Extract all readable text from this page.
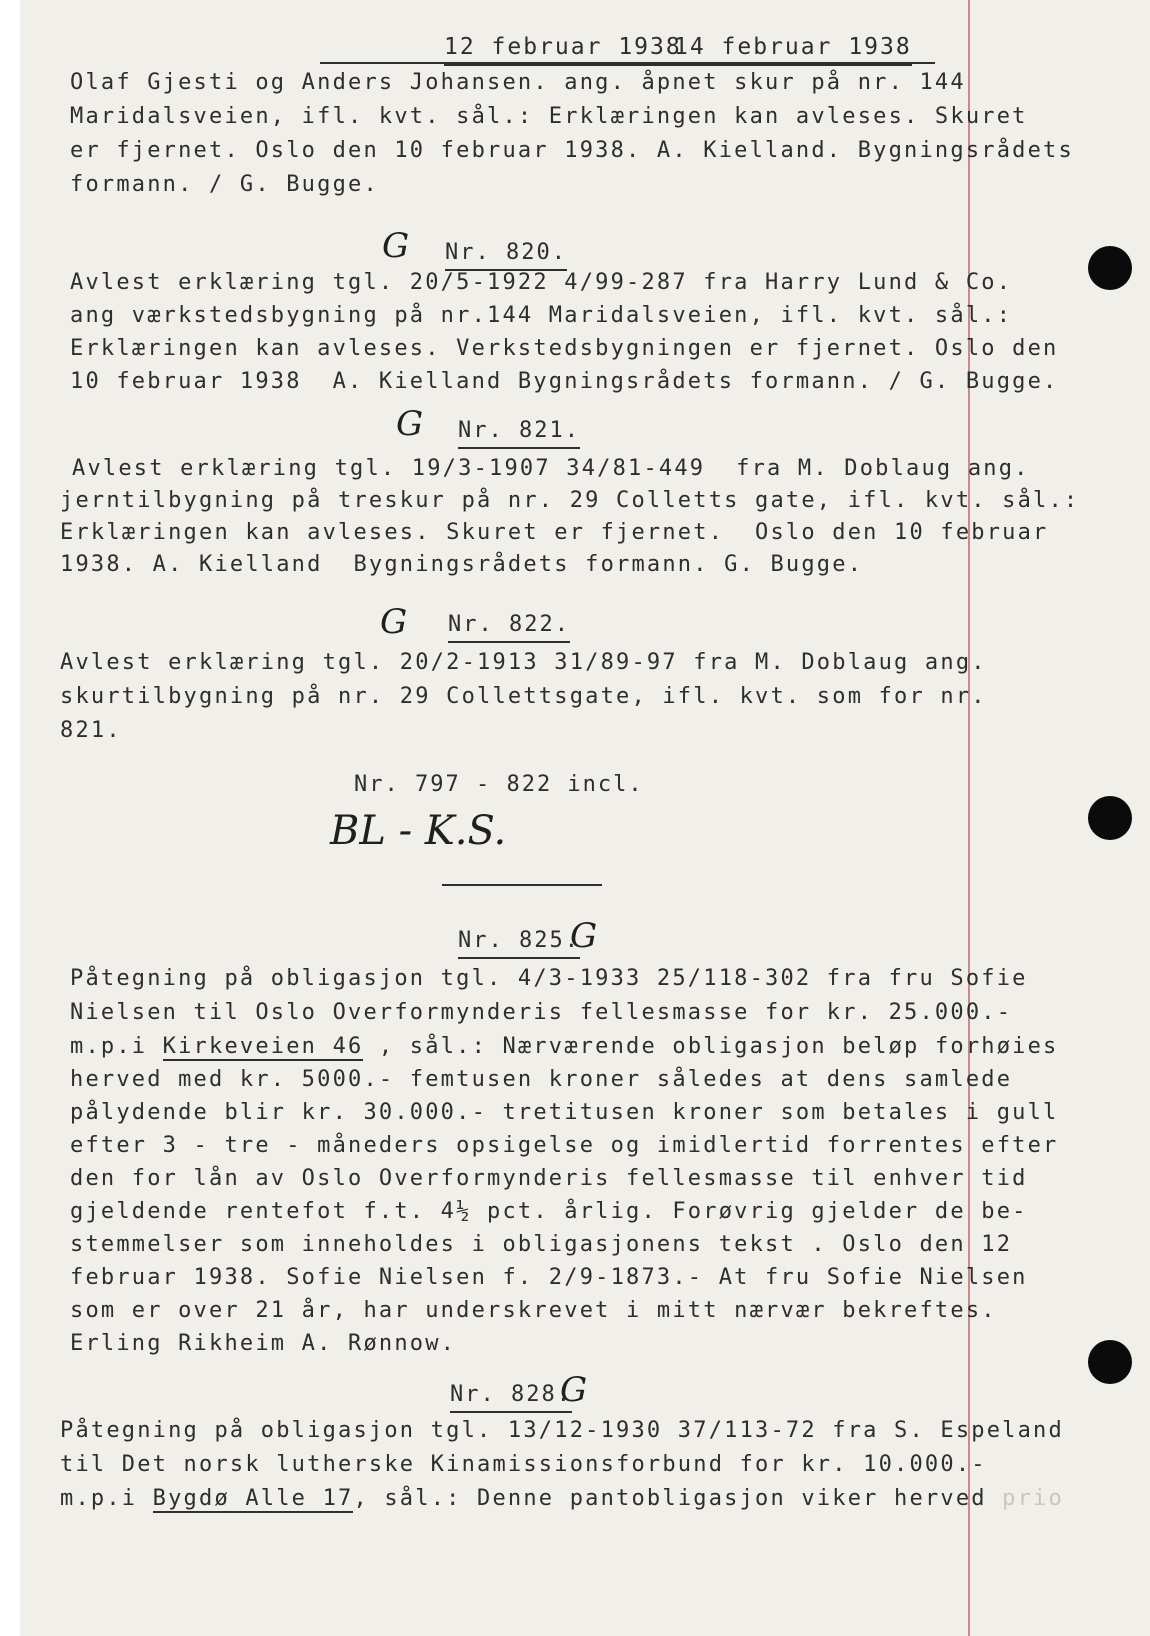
12 februar 1938
14 februar 1938
Olaf Gjesti og Anders Johansen. ang. åpnet skur på nr. 144
Maridalsveien, ifl. kvt. sål.: Erklæringen kan avleses. Skuret
er fjernet. Oslo den 10 februar 1938. A. Kielland. Bygningsrådets
formann. / G. Bugge.
G Nr. 820.
Avlest erklæring tgl. 20/5-1922 4/99-287 fra Harry Lund & Co.
ang værkstedsbygning på nr.144 Maridalsveien, ifl. kvt. sål.:
Erklæringen kan avleses. Verkstedsbygningen er fjernet. Oslo den
10 februar 1938  A. Kielland Bygningsrådets formann. / G. Bugge.
G Nr. 821.
Avlest erklæring tgl. 19/3-1907 34/81-449  fra M. Doblaug ang.
jerntilbygning på treskur på nr. 29 Colletts gate, ifl. kvt. sål.:
Erklæringen kan avleses. Skuret er fjernet.  Oslo den 10 februar
1938. A. Kielland  Bygningsrådets formann. G. Bugge.
G Nr. 822.
Avlest erklæring tgl. 20/2-1913 31/89-97 fra M. Doblaug ang.
skurtilbygning på nr. 29 Collettsgate, ifl. kvt. som for nr.
821.
Nr. 797 - 822 incl.
BL - K.S.
Nr. 825.
G
Påtegning på obligasjon tgl. 4/3-1933 25/118-302 fra fru Sofie
Nielsen til Oslo Overformynderis fellesmasse for kr. 25.000.-
m.p.i Kirkeveien 46 , sål.: Nærværende obligasjon beløp forhøies
herved med kr. 5000.- femtusen kroner således at dens samlede
pålydende blir kr. 30.000.- tretitusen kroner som betales i gull
efter 3 - tre - måneders opsigelse og imidlertid forrentes efter
den for lån av Oslo Overformynderis fellesmasse til enhver tid
gjeldende rentefot f.t. 4½ pct. årlig. Forøvrig gjelder de be-
stemmelser som inneholdes i obligasjonens tekst . Oslo den 12
februar 1938. Sofie Nielsen f. 2/9-1873.- At fru Sofie Nielsen
som er over 21 år, har underskrevet i mitt nærvær bekreftes.
Erling Rikheim A. Rønnow.
Nr. 828.
G
Påtegning på obligasjon tgl. 13/12-1930 37/113-72 fra S. Espeland
til Det norsk lutherske Kinamissionsforbund for kr. 10.000.-
m.p.i Bygdø Alle 17, sål.: Denne pantobligasjon viker herved prio
